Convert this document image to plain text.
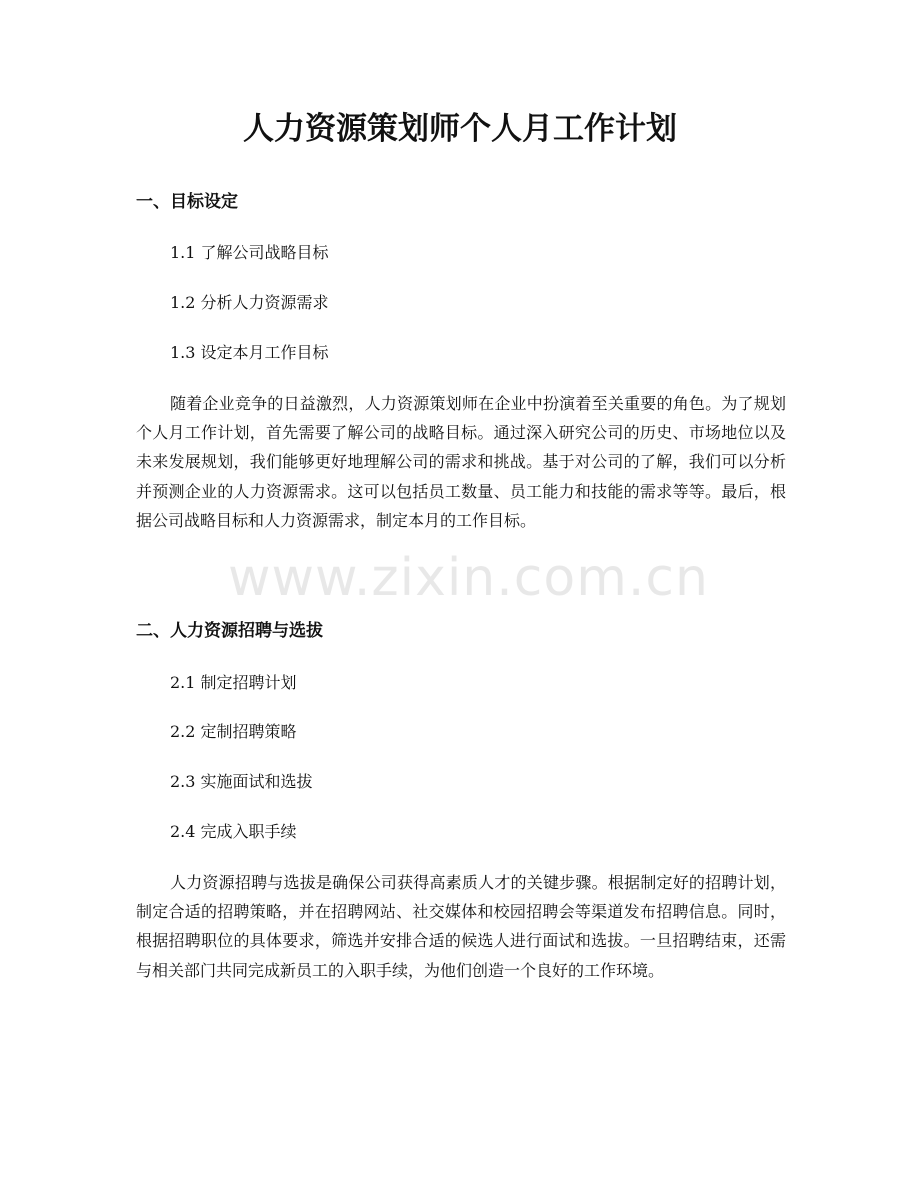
人力资源策划师个人月工作计划
一、目标设定

1.1 了解公司战略目标

1.2 分析人力资源需求

1.3 设定本月工作目标

随着企业竞争的日益激烈，人力资源策划师在企业中扮演着至关重要的角色。为了规划个人月工作计划，首先需要了解公司的战略目标。通过深入研究公司的历史、市场地位以及未来发展规划，我们能够更好地理解公司的需求和挑战。基于对公司的了解，我们可以分析并预测企业的人力资源需求。这可以包括员工数量、员工能力和技能的需求等等。最后，根据公司战略目标和人力资源需求，制定本月的工作目标。

二、人力资源招聘与选拔

2.1 制定招聘计划

2.2 定制招聘策略

2.3 实施面试和选拔

2.4 完成入职手续

人力资源招聘与选拔是确保公司获得高素质人才的关键步骤。根据制定好的招聘计划，制定合适的招聘策略，并在招聘网站、社交媒体和校园招聘会等渠道发布招聘信息。同时，根据招聘职位的具体要求，筛选并安排合适的候选人进行面试和选拔。一旦招聘结束，还需与相关部门共同完成新员工的入职手续，为他们创造一个良好的工作环境。

www.zixin.com.cn
